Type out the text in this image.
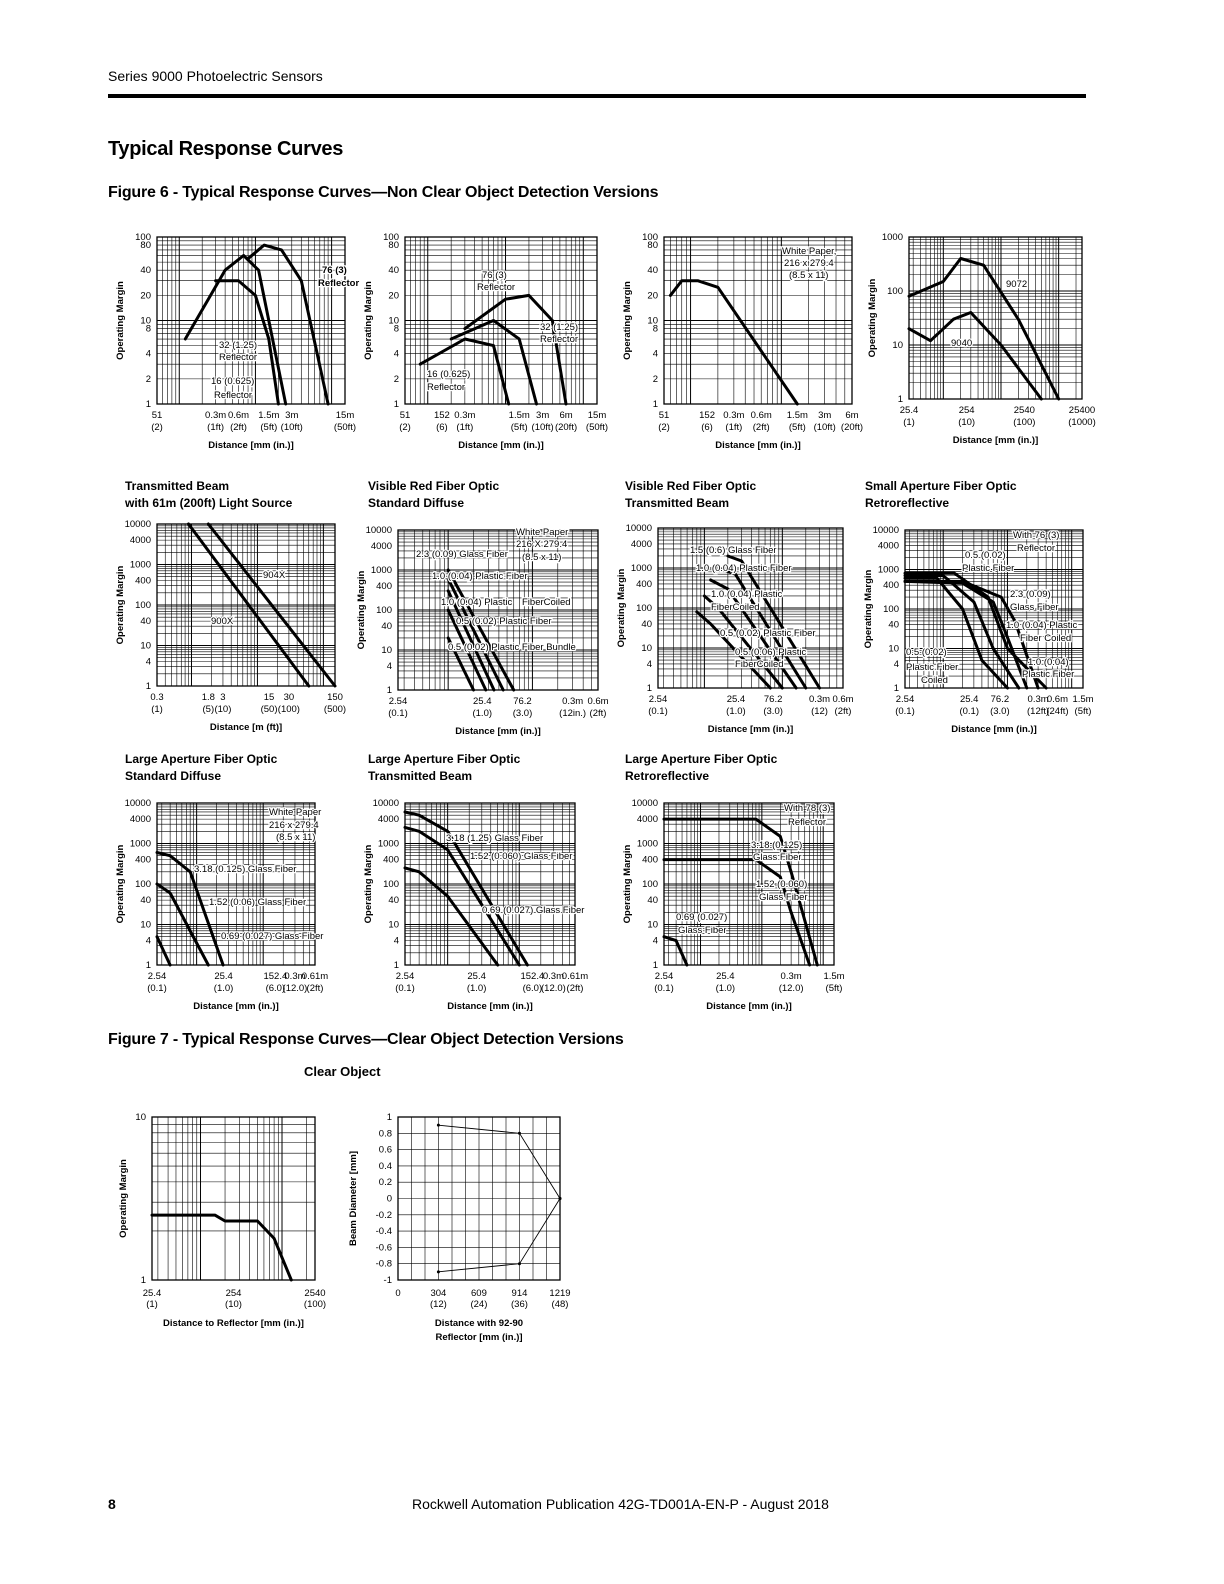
Series 9000 Photoelectric Sensors
Typical Response Curves
Figure 6 - Typical Response Curves—Non Clear Object Detection Versions
Figure 7 - Typical Response Curves—Clear Object Detection Versions
Clear Object
8	Rockwell Automation Publication 42G-TD001A-EN-P - August 2018
100
80
40
20
10
8
4
2
1
51
(2)
0.3m
(1ft)
0.6m
(2ft)
1.5m
(5ft)
3m
(10ft)
15m
(50ft)
Distance [mm (in.)]
Operating Margin
76 (3)
Reflector
32 (1.25)
Reflector
16 (0.625)
Reflector
100
80
40
20
10
8
4
2
1
51
(2)
152
(6)
0.3m
(1ft)
1.5m
(5ft)
3m
(10ft)
6m
(20ft)
15m
(50ft)
Distance [mm (in.)]
Operating Margin
76 (3)
Reflector
32 (1.25)
Reflector
16 (0.625)
Reflector
100
80
40
20
10
8
4
2
1
51
(2)
152
(6)
0.3m
(1ft)
0.6m
(2ft)
1.5m
(5ft)
3m
(10ft)
6m
(20ft)
Distance [mm (in.)]
Operating Margin
White Paper,
216 x 279.4
(8.5 x 11)
1000
100
10
1
25.4
(1)
254
(10)
2540
(100)
25400
(1000)
Distance [mm (in.)]
Operating Margin	9072
9040
10000
4000
1000
400
100
40
10
4
1
0.3
(1)
1.8
(5)
3
(10)
15
(50)
30
(100)
150
(500)
Distance [m (ft)]
Operating Margin
Transmitted Beam
with 61m (200ft) Light Source
904X
900X
10000
4000
1000
400
100
40
10
4
1
2.54
(0.1)
25.4
(1.0)
76.2
(3.0)
0.3m
(12in.)
0.6m
(2ft)
Distance [mm (in.)]
Operating Margin
Visible Red Fiber Optic
Standard Diffuse
White Paper
216 X 279.4
(8.5 x 11)
2.3 (0.09) Glass Fiber
1.0 (0.04) Plastic Fiber
1.0 (0.04) Plastic FiberCoiled
0.5 (0.02) Plastic Fiber
0.5 (0.02) Plastic Fiber Bundle
10000
4000
1000
400
100
40
10
4
1
2.54
(0.1)
25.4
(1.0)
76.2
(3.0)
0.3m
(12)
0.6m
(2ft)
Distance [mm (in.)]
Operating Margin
Visible Red Fiber Optic
Transmitted Beam
1.5 (0.6) Glass Fiber
1.0 (0.04) Plastic Fiber
1.0 (0.04) Plastic
FiberCoiled
0.5 (0.02) Plastic Fiber
0.5 (0.06) Plastic
FiberCoiled
10000
4000
1000
400
100
40
10
4
1
2.54
(0.1)
25.4
(0.1)
76.2
(3.0)
0.3m
(12ft)
0.6m
(24ft)
1.5m
(5ft)
Distance [mm (in.)]
Operating Margin
Small Aperture Fiber Optic
Retroreflective
With 76 (3)
Reflector
0.5 (0.02)
Plastic Fiber
2.3 (0.09)
Glass Fiber
1.0 (0.04) Plastic
Fiber Coiled
0.5 (0.02)
Plastic Fiber
Coiled
1.0 (0.04)
Plastic Fiber
10000
4000
1000
400
100
40
10
4
1
2.54
(0.1)
25.4
(1.0)
152.4
(6.0)
0.3m
(12.0)
0.61m
(2ft)
Distance [mm (in.)]
Operating Margin
Large Aperture Fiber Optic
Standard Diffuse
White Paper
216 x 279.4
(8.5 x 11)
3.18 (0.125) Glass Fiber
1.52 (0.06) Glass Fiber
0.69 (0.027) Glass Fiber
10000
4000
1000
400
100
40
10
4
1
2.54
(0.1)
25.4
(1.0)
152.4
(6.0)
0.3m
(12.0)
0.61m
(2ft)
Distance [mm (in.)]
Operating Margin
Large Aperture Fiber Optic
Transmitted Beam
3.18 (1.25) Glass Fiber
1.52 (0.060) Glass Fiber
0.69 (0.027) Glass Fiber
10000
4000
1000
400
100
40
10
4
1
2.54
(0.1)
25.4
(1.0)
0.3m
(12.0)
1.5m
(5ft)
Distance [mm (in.)]
Operating Margin
Large Aperture Fiber Optic
Retroreflective
With 78 (3)
Reflector
3.18 (0.125)
Glass Fiber
1.52 (0.060)
Glass Fiber
0.69 (0.027)
Glass Fiber
10
1
25.4
(1)
254
(10)
2540
(100)
Distance to Reflector [mm (in.)]
Operating Margin
1
0.8
0.6
0.4
0.2
0
-0.2
-0.4
-0.6
-0.8
-1
0	304
(12)
609
(24)
914
(36)
1219
(48)
Distance with 92-90
Reflector [mm (in.)]
Beam Diameter [mm]
